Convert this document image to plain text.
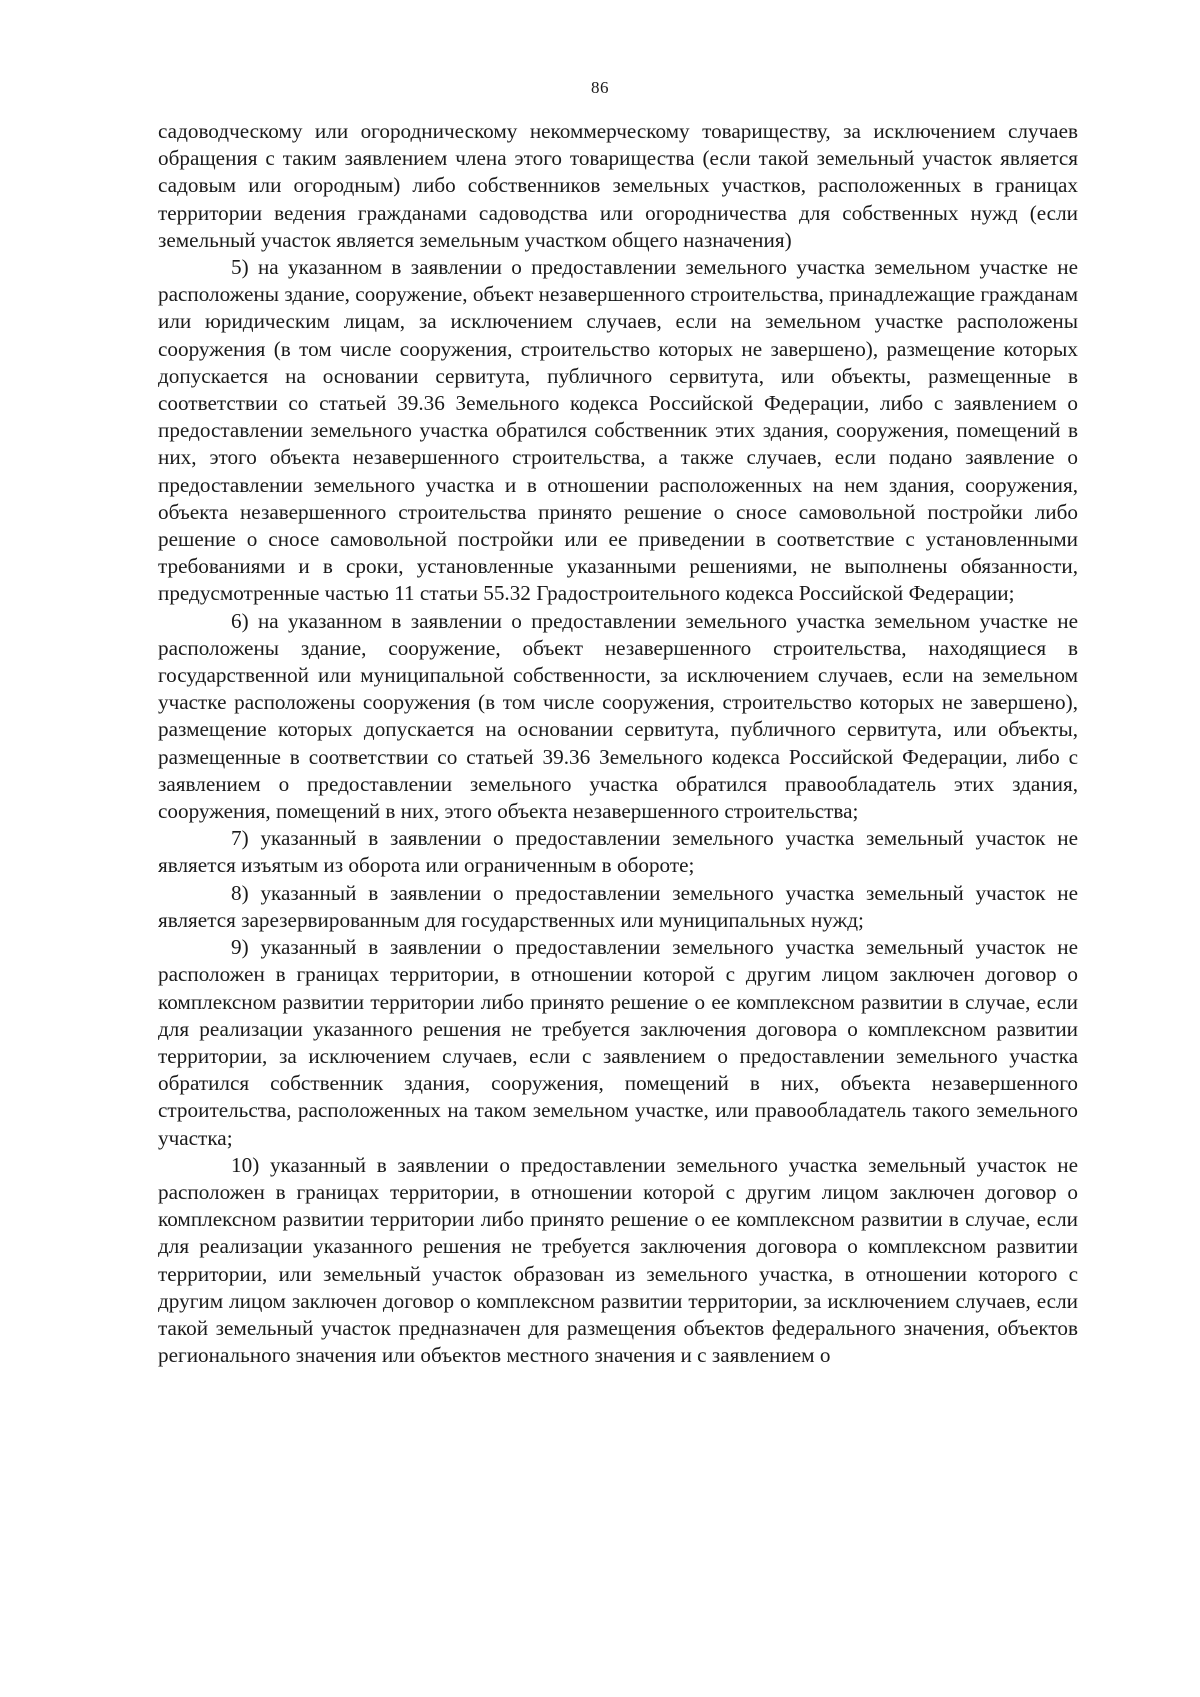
86

садоводческому или огородническому некоммерческому товариществу, за исключением случаев обращения с таким заявлением члена этого товарищества (если такой земельный участок является садовым или огородным) либо собственников земельных участков, расположенных в границах территории ведения гражданами садоводства или огородничества для собственных нужд (если земельный участок является земельным участком общего назначения)

5) на указанном в заявлении о предоставлении земельного участка земельном участке не расположены здание, сооружение, объект незавершенного строительства, принадлежащие гражданам или юридическим лицам, за исключением случаев, если на земельном участке расположены сооружения (в том числе сооружения, строительство которых не завершено), размещение которых допускается на основании сервитута, публичного сервитута, или объекты, размещенные в соответствии со статьей 39.36 Земельного кодекса Российской Федерации, либо с заявлением о предоставлении земельного участка обратился собственник этих здания, сооружения, помещений в них, этого объекта незавершенного строительства, а также случаев, если подано заявление о предоставлении земельного участка и в отношении расположенных на нем здания, сооружения, объекта незавершенного строительства принято решение о сносе самовольной постройки либо решение о сносе самовольной постройки или ее приведении в соответствие с установленными требованиями и в сроки, установленные указанными решениями, не выполнены обязанности, предусмотренные частью 11 статьи 55.32 Градостроительного кодекса Российской Федерации;

6) на указанном в заявлении о предоставлении земельного участка земельном участке не расположены здание, сооружение, объект незавершенного строительства, находящиеся в государственной или муниципальной собственности, за исключением случаев, если на земельном участке расположены сооружения (в том числе сооружения, строительство которых не завершено), размещение которых допускается на основании сервитута, публичного сервитута, или объекты, размещенные в соответствии со статьей 39.36 Земельного кодекса Российской Федерации, либо с заявлением о предоставлении земельного участка обратился правообладатель этих здания, сооружения, помещений в них, этого объекта незавершенного строительства;

7) указанный в заявлении о предоставлении земельного участка земельный участок не является изъятым из оборота или ограниченным в обороте;

8) указанный в заявлении о предоставлении земельного участка земельный участок не является зарезервированным для государственных или муниципальных нужд;

9) указанный в заявлении о предоставлении земельного участка земельный участок не расположен в границах территории, в отношении которой с другим лицом заключен договор о комплексном развитии территории либо принято решение о ее комплексном развитии в случае, если для реализации указанного решения не требуется заключения договора о комплексном развитии территории, за исключением случаев, если с заявлением о предоставлении земельного участка обратился собственник здания, сооружения, помещений в них, объекта незавершенного строительства, расположенных на таком земельном участке, или правообладатель такого земельного участка;

10) указанный в заявлении о предоставлении земельного участка земельный участок не расположен в границах территории, в отношении которой с другим лицом заключен договор о комплексном развитии территории либо принято решение о ее комплексном развитии в случае, если для реализации указанного решения не требуется заключения договора о комплексном развитии территории, или земельный участок образован из земельного участка, в отношении которого с другим лицом заключен договор о комплексном развитии территории, за исключением случаев, если такой земельный участок предназначен для размещения объектов федерального значения, объектов регионального значения или объектов местного значения и с заявлением о
